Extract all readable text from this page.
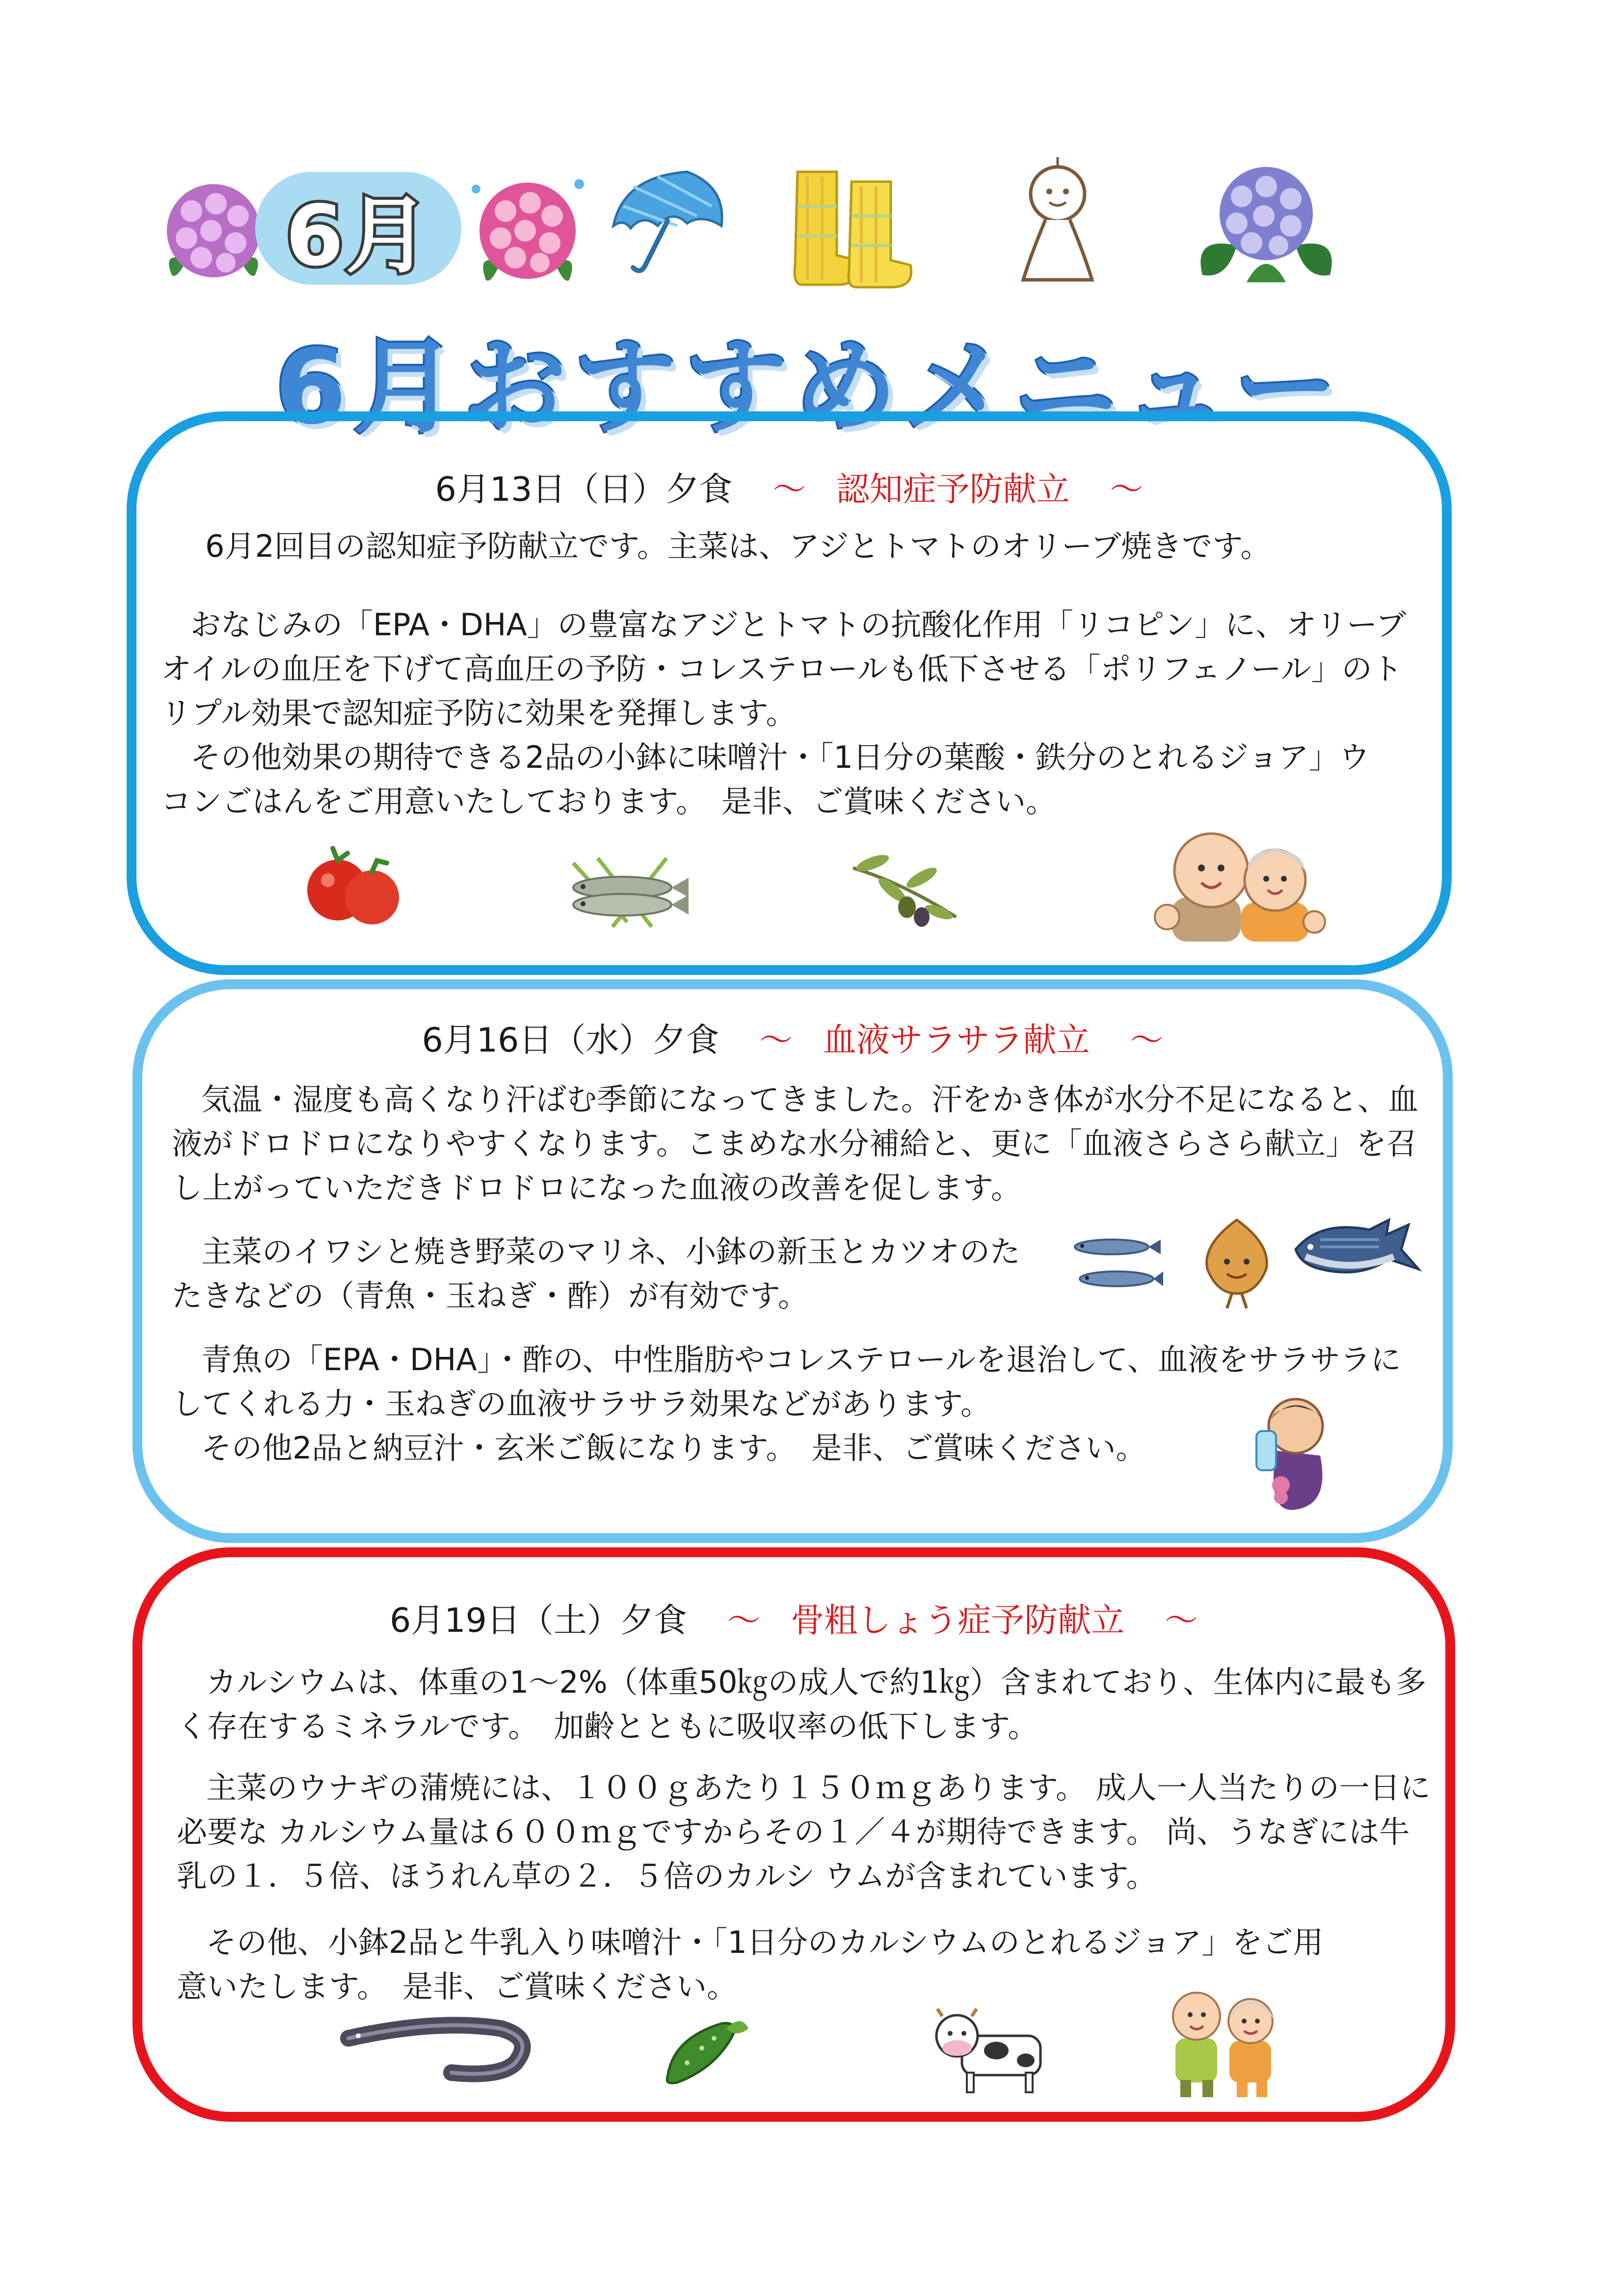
6月
6月おすすめメニュー
6月13日（日）夕食 ～ 認知症予防献立 ～
6月2回目の認知症予防献立です。主菜は、アジとトマトのオリーブ焼きです。
おなじみの「EPA・DHA」の豊富なアジとトマトの抗酸化作用「リコピン」に、オリーブオイルの血圧を下げて高血圧の予防・コレステロールも低下させる「ポリフェノール」のトリプル効果で認知症予防に効果を発揮します。
その他効果の期待できる2品の小鉢に味噌汁・「1日分の葉酸・鉄分のとれるジョア」ウコンごはんをご用意いたしております。　是非、ご賞味ください。
6月16日（水）夕食 ～ 血液サラサラ献立 ～
気温・湿度も高くなり汗ばむ季節になってきました。汗をかき体が水分不足になると、血液がドロドロになりやすくなります。こまめな水分補給と、更に「血液さらさら献立」を召し上がっていただきドロドロになった血液の改善を促します。
主菜のイワシと焼き野菜のマリネ、小鉢の新玉とカツオのたたきなどの（青魚・玉ねぎ・酢）が有効です。
青魚の「EPA・DHA」・酢の、中性脂肪やコレステロールを退治して、血液をサラサラにしてくれる力・玉ねぎの血液サラサラ効果などがあります。
その他2品と納豆汁・玄米ご飯になります。　是非、ご賞味ください。
6月19日（土）夕食 ～ 骨粗しょう症予防献立 ～
カルシウムは、体重の1～2%（体重50㎏の成人で約1㎏）含まれており、生体内に最も多く存在するミネラルです。　加齢とともに吸収率の低下します。
主菜のウナギの蒲焼には、１００ｇあたり１５０ｍｇあります。 成人一人当たりの一日に必要な カルシウム量は６００ｍｇですからその１／４が期待できます。 尚、うなぎには牛乳の１．５倍、ほうれん草の２．５倍のカルシ ウムが含まれています。
その他、小鉢2品と牛乳入り味噌汁・「1日分のカルシウムのとれるジョア」をご用意いたします。　是非、ご賞味ください。
